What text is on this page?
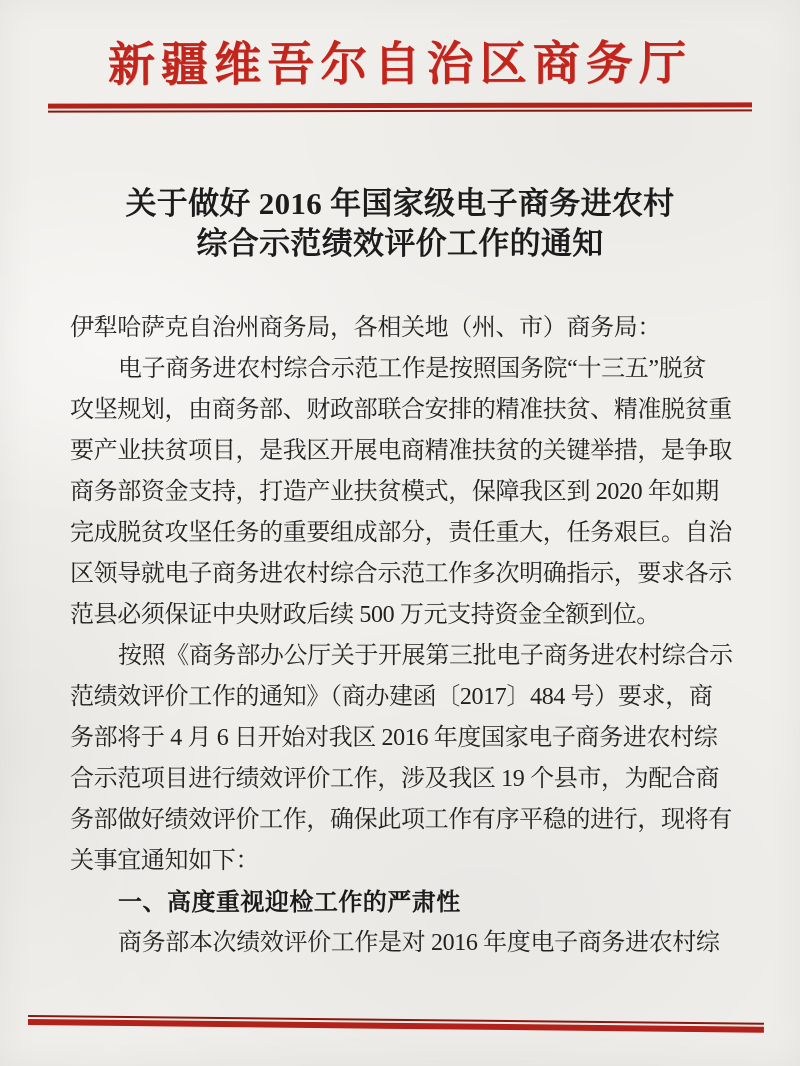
新疆维吾尔自治区商务厅
关于做好 2016 年国家级电子商务进农村
综合示范绩效评价工作的通知
伊犁哈萨克自治州商务局，各相关地（州、市）商务局：
电子商务进农村综合示范工作是按照国务院“十三五”脱贫
攻坚规划，由商务部、财政部联合安排的精准扶贫、精准脱贫重
要产业扶贫项目，是我区开展电商精准扶贫的关键举措，是争取
商务部资金支持，打造产业扶贫模式，保障我区到 2020 年如期
完成脱贫攻坚任务的重要组成部分，责任重大，任务艰巨。自治
区领导就电子商务进农村综合示范工作多次明确指示，要求各示
范县必须保证中央财政后续 500 万元支持资金全额到位。
按照《商务部办公厅关于开展第三批电子商务进农村综合示
范绩效评价工作的通知》（商办建函〔2017〕484 号）要求，商
务部将于 4 月 6 日开始对我区 2016 年度国家电子商务进农村综
合示范项目进行绩效评价工作，涉及我区 19 个县市，为配合商
务部做好绩效评价工作，确保此项工作有序平稳的进行，现将有
关事宜通知如下：
一、高度重视迎检工作的严肃性
商务部本次绩效评价工作是对 2016 年度电子商务进农村综
